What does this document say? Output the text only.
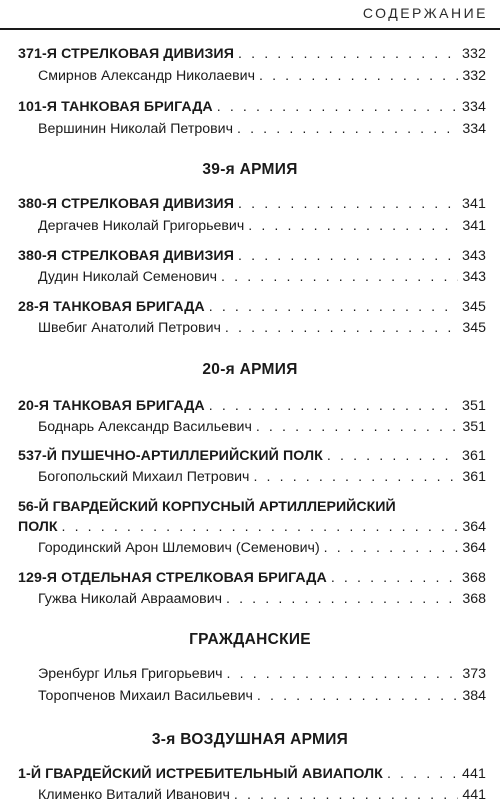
СОДЕРЖАНИЕ
371-Я СТРЕЛКОВАЯ ДИВИЗИЯ . . .	332
Смирнов Александр Николаевич . . .	332
101-Я ТАНКОВАЯ БРИГАДА . . .	334
Вершинин Николай Петрович . . .	334
39-я АРМИЯ
380-Я СТРЕЛКОВАЯ ДИВИЗИЯ . . .	341
Дергачев Николай Григорьевич . . .	341
380-Я СТРЕЛКОВАЯ ДИВИЗИЯ . . .	343
Дудин Николай Семенович . . .	343
28-Я ТАНКОВАЯ БРИГАДА . . .	345
Швебиг Анатолий Петрович . . .	345
20-я АРМИЯ
20-Я ТАНКОВАЯ БРИГАДА . . .	351
Боднарь Александр Васильевич . . .	351
537-Й ПУШЕЧНО-АРТИЛЛЕРИЙСКИЙ ПОЛК . . .	361
Богопольский Михаил Петрович . . .	361
56-Й ГВАРДЕЙСКИЙ КОРПУСНЫЙ АРТИЛЛЕРИЙСКИЙ
ПОЛК . . .	364
Городинский Арон Шлемович (Семенович) . . .	364
129-Я ОТДЕЛЬНАЯ СТРЕЛКОВАЯ БРИГАДА . . .	368
Гужва Николай Авраамович . . .	368
ГРАЖДАНСКИЕ
Эренбург Илья Григорьевич . . .	373
Торопченов Михаил Васильевич . . .	384
3-я ВОЗДУШНАЯ АРМИЯ
1-Й ГВАРДЕЙСКИЙ ИСТРЕБИТЕЛЬНЫЙ АВИАПОЛК . . .	441
Клименко Виталий Иванович . . .	441
